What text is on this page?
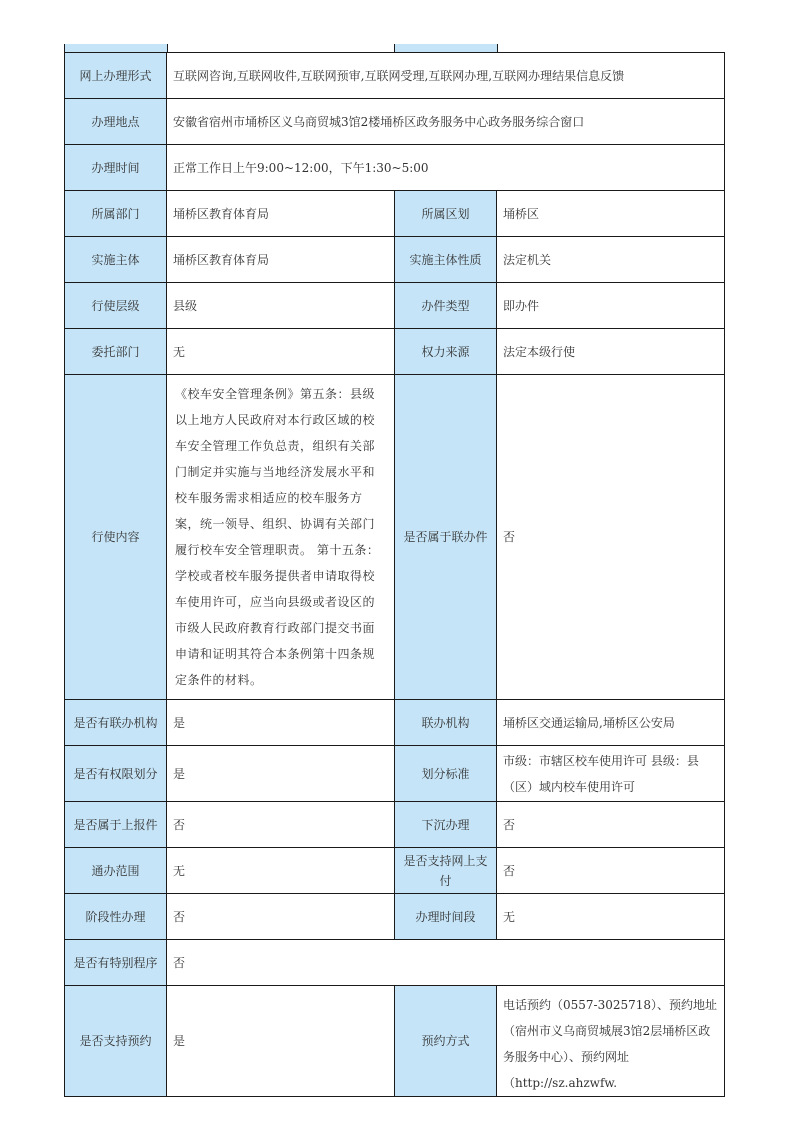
网上办理形式	互联网咨询,互联网收件,互联网预审,互联网受理,互联网办理,互联网办理结果信息反馈		
办理地点	安徽省宿州市埇桥区义乌商贸城3馆2楼埇桥区政务服务中心政务服务综合窗口		
办理时间	正常工作日上午9:00~12:00，下午1:30~5:00		
所属部门	埇桥区教育体育局	所属区划	埇桥区
实施主体	埇桥区教育体育局	实施主体性质	法定机关
行使层级	县级	办件类型	即办件
委托部门	无	权力来源	法定本级行使
行使内容	《校车安全管理条例》第五条：县级以上地方人民政府对本行政区域的校车安全管理工作负总责，组织有关部门制定并实施与当地经济发展水平和校车服务需求相适应的校车服务方案，统一领导、组织、协调有关部门履行校车安全管理职责。 第十五条：学校或者校车服务提供者申请取得校车使用许可，应当向县级或者设区的市级人民政府教育行政部门提交书面申请和证明其符合本条例第十四条规定条件的材料。	是否属于联办件	否
是否有联办机构	是	联办机构	埇桥区交通运输局,埇桥区公安局
是否有权限划分	是	划分标准	市级：市辖区校车使用许可 县级：县（区）域内校车使用许可
是否属于上报件	否	下沉办理	否
通办范围	无	是否支持网上支付	否
阶段性办理	否	办理时间段	无
是否有特别程序	否		
是否支持预约	是	预约方式	电话预约（0557-3025718）、预约地址（宿州市义乌商贸城展3馆2层埇桥区政务服务中心）、预约网址（http://sz.ahzwfw.
